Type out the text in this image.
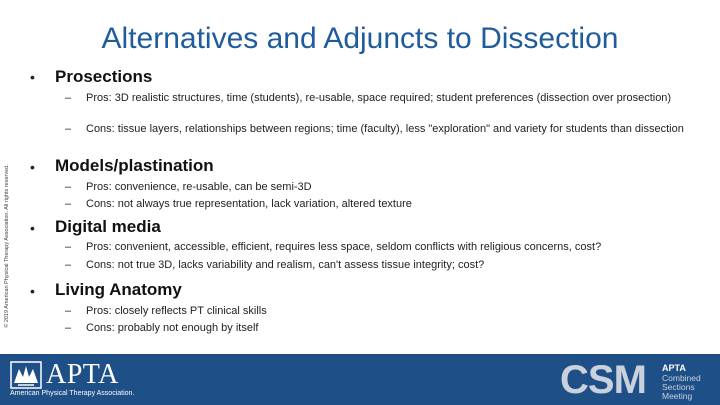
Alternatives and Adjuncts to Dissection
© 2019 American Physical Therapy Association. All rights reserved.
• Prosections
– Pros: 3D realistic structures, time (students), re-usable, space required; student preferences (dissection over prosection)
– Cons: tissue layers, relationships between regions; time (faculty), less "exploration" and variety for students than dissection
• Models/plastination
– Pros: convenience, re-usable, can be semi-3D
– Cons: not always true representation, lack variation, altered texture
• Digital media
– Pros: convenient, accessible, efficient, requires less space, seldom conflicts with religious concerns, cost?
– Cons: not true 3D, lacks variability and realism, can't assess tissue integrity; cost?
• Living Anatomy
– Pros: closely reflects PT clinical skills
– Cons: probably not enough by itself
APTA
American Physical Therapy Association.	CSM APTA
Combined
Sections
Meeting
